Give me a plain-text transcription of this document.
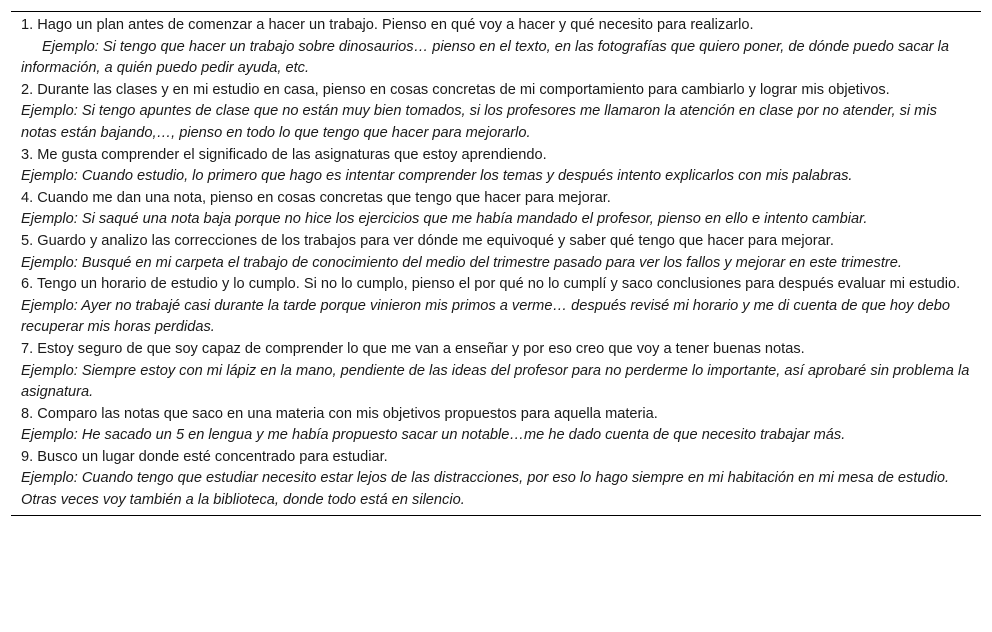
1. Hago un plan antes de comenzar a hacer un trabajo. Pienso en qué voy a hacer y qué necesito para realizarlo.
Ejemplo: Si tengo que hacer un trabajo sobre dinosaurios… pienso en el texto, en las fotografías que quiero poner, de dónde puedo sacar la información, a quién puedo pedir ayuda, etc.
2. Durante las clases y en mi estudio en casa, pienso en cosas concretas de mi comportamiento para cambiarlo y lograr mis objetivos.
Ejemplo: Si tengo apuntes de clase que no están muy bien tomados, si los profesores me llamaron la atención en clase por no atender, si mis notas están bajando,…, pienso en todo lo que tengo que hacer para mejorarlo.
3. Me gusta comprender el significado de las asignaturas que estoy aprendiendo.
Ejemplo: Cuando estudio, lo primero que hago es intentar comprender los temas y después intento explicarlos con mis palabras.
4. Cuando me dan una nota, pienso en cosas concretas que tengo que hacer para mejorar.
Ejemplo: Si saqué una nota baja porque no hice los ejercicios que me había mandado el profesor, pienso en ello e intento cambiar.
5. Guardo y analizo las correcciones de los trabajos para ver dónde me equivoqué y saber qué tengo que hacer para mejorar.
Ejemplo: Busqué en mi carpeta el trabajo de conocimiento del medio del trimestre pasado para ver los fallos y mejorar en este trimestre.
6. Tengo un horario de estudio y lo cumplo. Si no lo cumplo, pienso el por qué no lo cumplí y saco conclusiones para después evaluar mi estudio.
Ejemplo: Ayer no trabajé casi durante la tarde porque vinieron mis primos a verme… después revisé mi horario y me di cuenta de que hoy debo recuperar mis horas perdidas.
7. Estoy seguro de que soy capaz de comprender lo que me van a enseñar y por eso creo que voy a tener buenas notas.
Ejemplo: Siempre estoy con mi lápiz en la mano, pendiente de las ideas del profesor para no perderme lo importante, así aprobaré sin problema la asignatura.
8. Comparo las notas que saco en una materia con mis objetivos propuestos para aquella materia.
Ejemplo: He sacado un 5 en lengua y me había propuesto sacar un notable…me he dado cuenta de que necesito trabajar más.
9. Busco un lugar donde esté concentrado para estudiar.
Ejemplo: Cuando tengo que estudiar necesito estar lejos de las distracciones, por eso lo hago siempre en mi habitación en mi mesa de estudio. Otras veces voy también a la biblioteca, donde todo está en silencio.
